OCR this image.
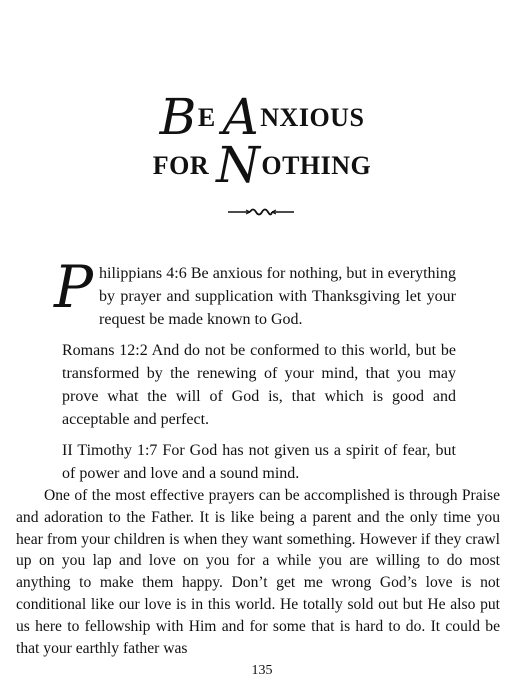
BE ANXIOUS
FOR NOTHING

Philippians 4:6 Be anxious for nothing, but in everything by prayer and supplication with Thanksgiving let your request be made known to God.

Romans 12:2 And do not be conformed to this world, but be transformed by the renewing of your mind, that you may prove what the will of God is, that which is good and acceptable and perfect.

II Timothy 1:7 For God has not given us a spirit of fear, but of power and love and a sound mind.

One of the most effective prayers can be accomplished is through Praise and adoration to the Father. It is like being a parent and the only time you hear from your children is when they want something. However if they crawl up on you lap and love on you for a while you are willing to do most anything to make them happy. Don’t get me wrong God’s love is not conditional like our love is in this world. He totally sold out but He also put us here to fellowship with Him and for some that is hard to do. It could be that your earthly father was

135
